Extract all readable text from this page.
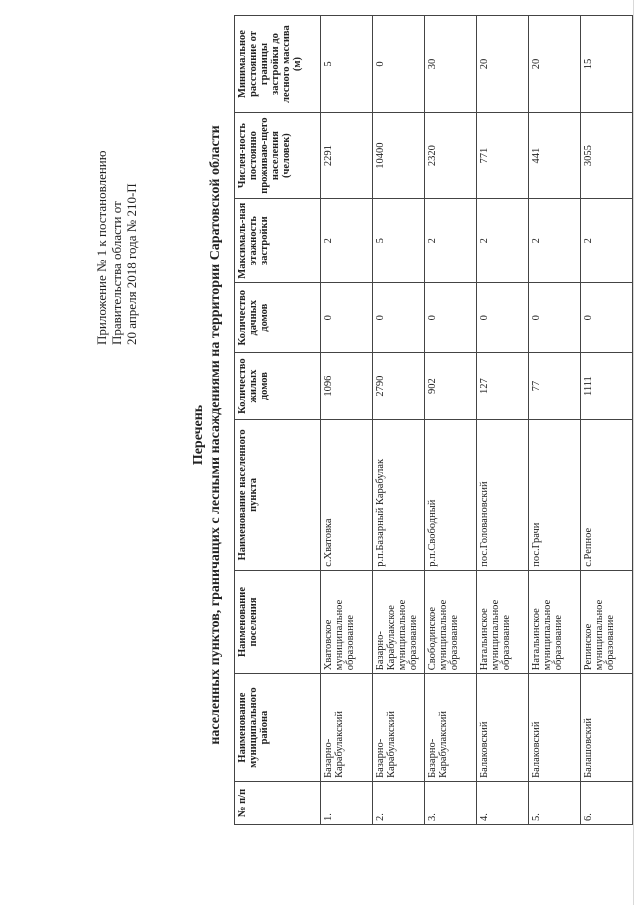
Приложение № 1 к постановлению Правительства области от 20 апреля 2018 года № 210-П
Перечень населенных пунктов, граничащих с лесными насаждениями на территории Саратовской области
№ п/п	Наименование муниципального района	Наименование поселения	Наименование населенного пункта	Количество жилых домов	Количество дачных домов	Максималь-ная этажность застройки	Числен-ность постоянно проживаю-щего населения (человек)	Минимальное расстояние от границы застройки до лесного массива (м)
1.	Базарно-Карабулакский	Хватовское муниципальное образование	с.Хватовка	1096	0	2	2291	5
2.	Базарно-Карабулакский	Базарно-Карабулакское муниципальное образование	р.п.Базарный Карабулак	2790	0	5	10400	0
3.	Базарно-Карабулакский	Свободинское муниципальное образование	р.п.Свободный	902	0	2	2320	30
4.	Балаковский	Натальинское муниципальное образование	пос.Головановский	127	0	2	771	20
5.	Балаковский	Натальинское муниципальное образование	пос.Грачи	77	0	2	441	20
6.	Балашовский	Репинское муниципальное образование	с.Репное	1111	0	2	3055	15
